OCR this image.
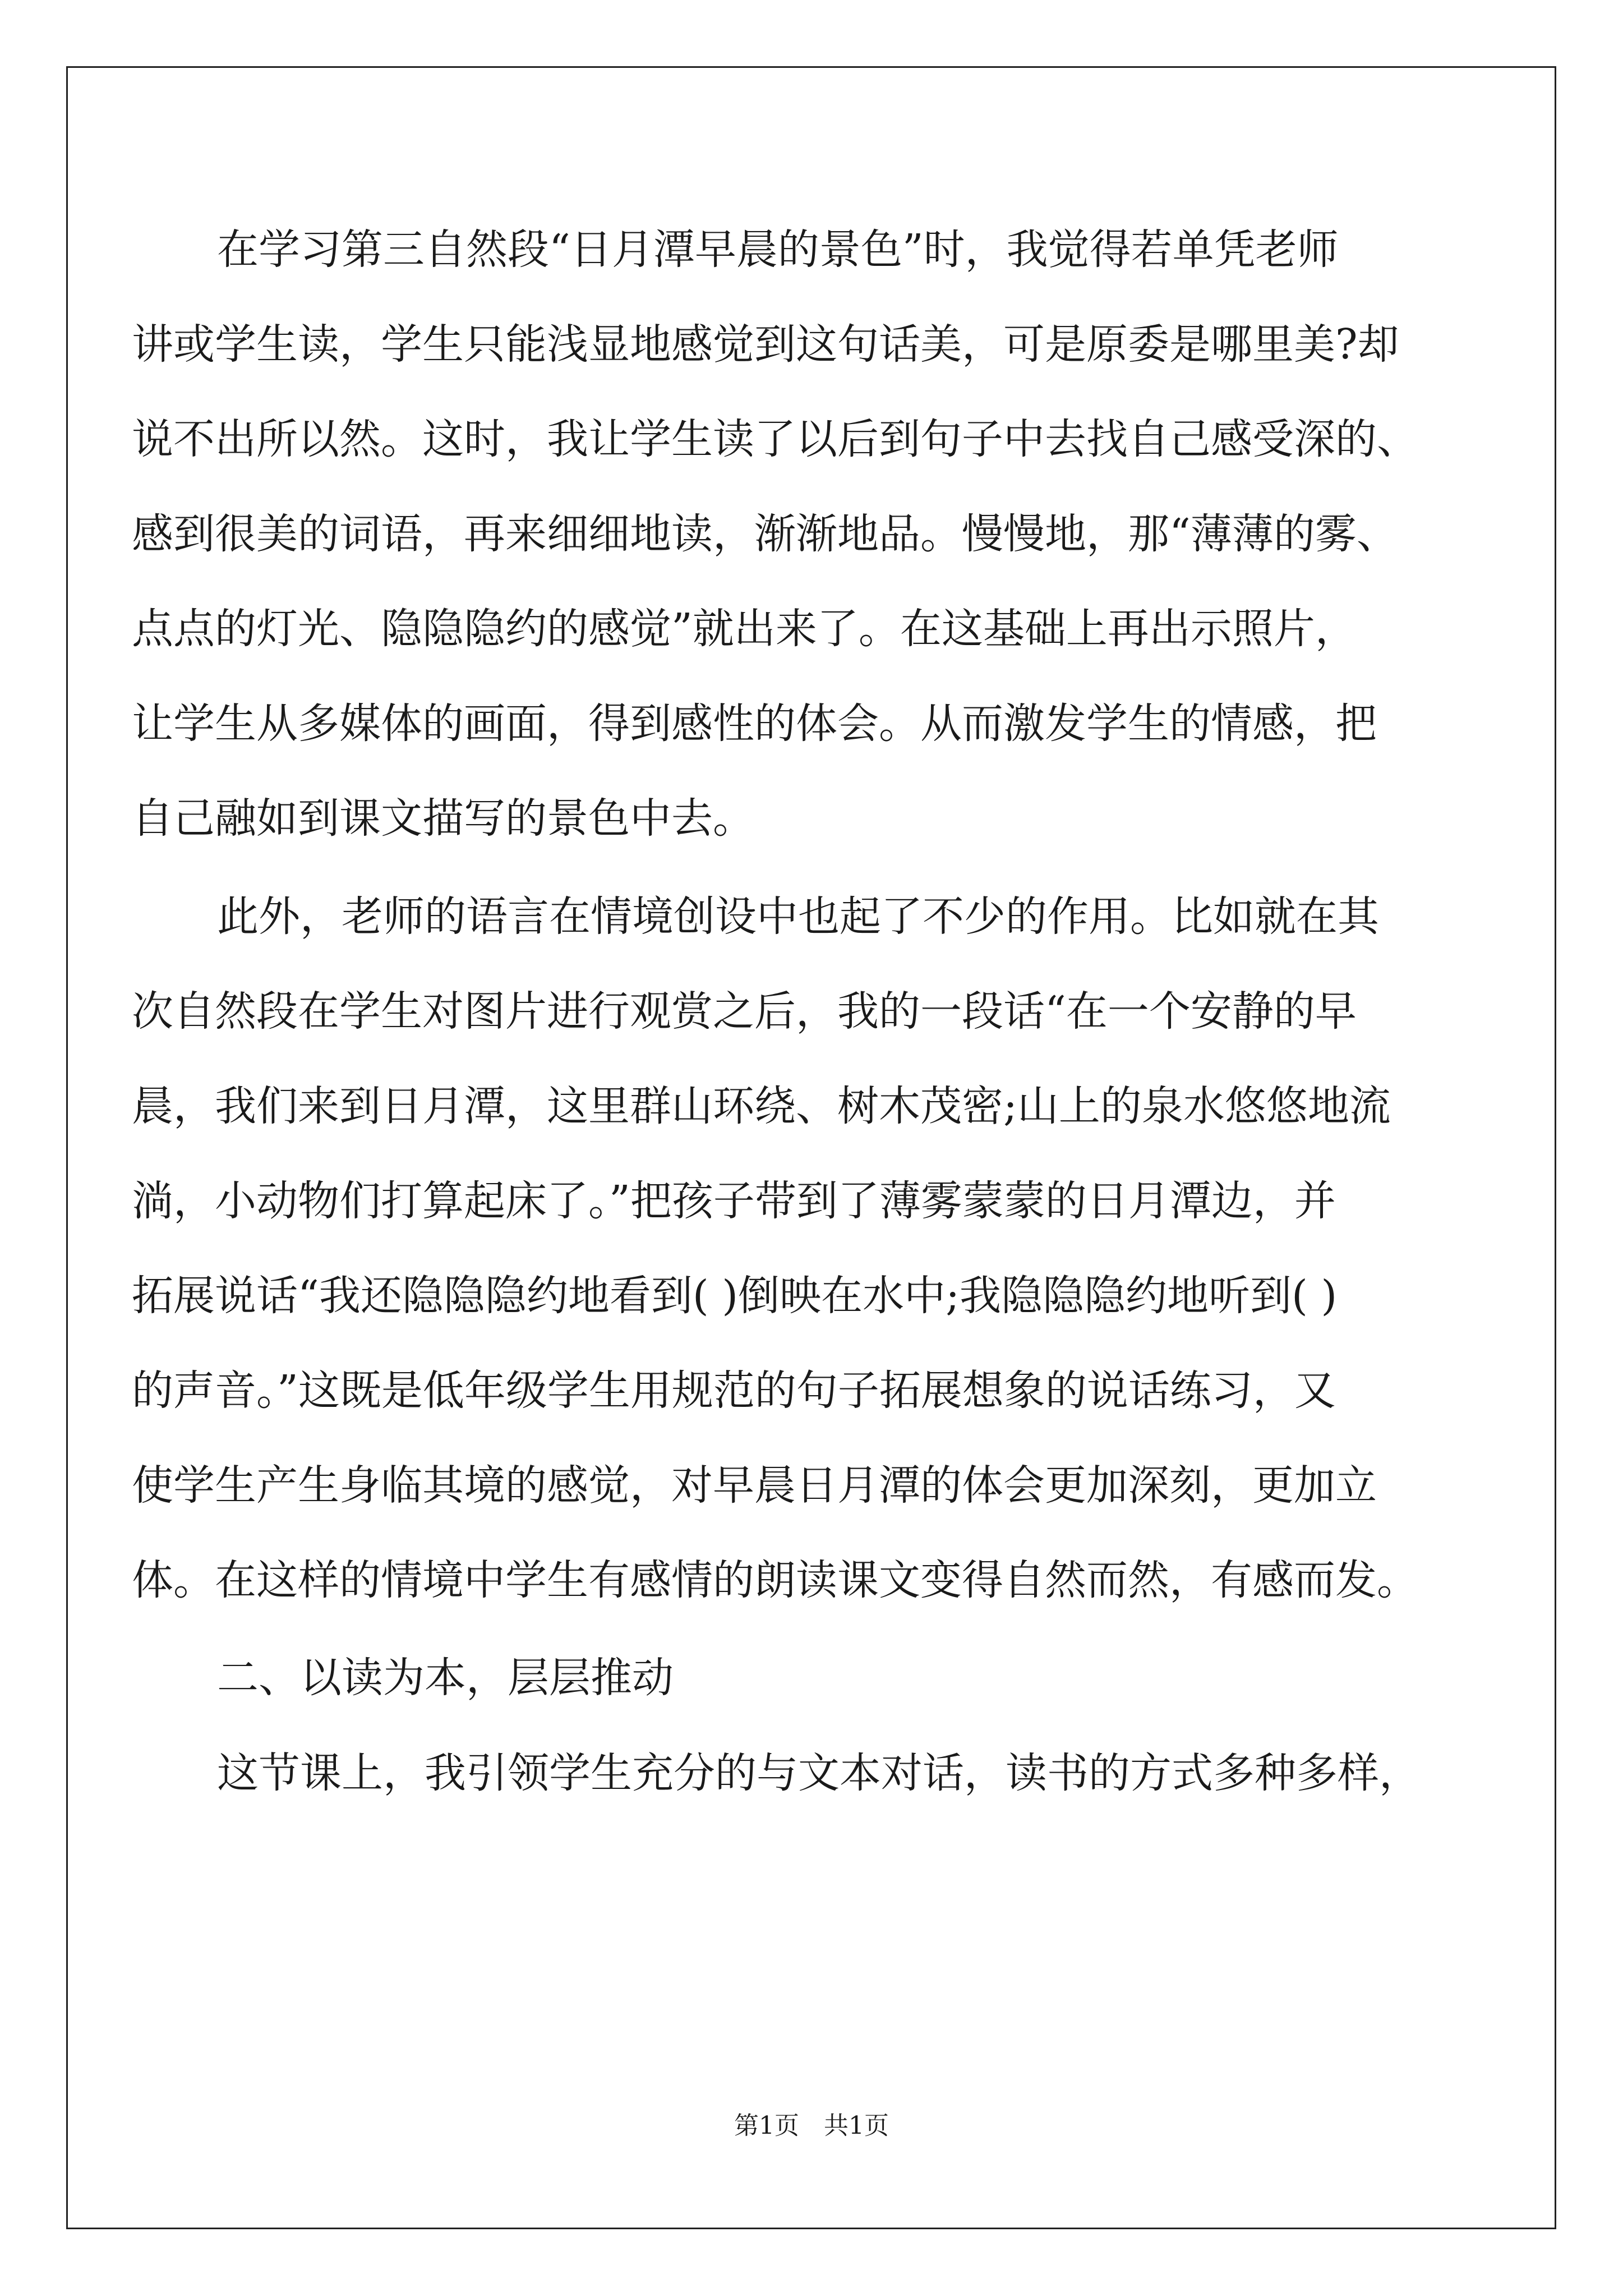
在学习第三自然段“日月潭早晨的景色”时，我觉得若单凭老师
讲或学生读，学生只能浅显地感觉到这句话美，可是原委是哪里美?却
说不出所以然。这时，我让学生读了以后到句子中去找自己感受深的、
感到很美的词语，再来细细地读，渐渐地品。慢慢地，那“薄薄的雾、
点点的灯光、隐隐隐约的感觉”就出来了。在这基础上再出示照片，
让学生从多媒体的画面，得到感性的体会。从而激发学生的情感，把
自己融如到课文描写的景色中去。
此外，老师的语言在情境创设中也起了不少的作用。比如就在其
次自然段在学生对图片进行观赏之后，我的一段话“在一个安静的早
晨，我们来到日月潭，这里群山环绕、树木茂密;山上的泉水悠悠地流
淌，小动物们打算起床了。”把孩子带到了薄雾蒙蒙的日月潭边，并
拓展说话“我还隐隐隐约地看到( )倒映在水中;我隐隐隐约地听到( )
的声音。”这既是低年级学生用规范的句子拓展想象的说话练习，又
使学生产生身临其境的感觉，对早晨日月潭的体会更加深刻，更加立
体。在这样的情境中学生有感情的朗读课文变得自然而然，有感而发。
二、以读为本，层层推动
这节课上，我引领学生充分的与文本对话，读书的方式多种多样，
第1页　共1页
